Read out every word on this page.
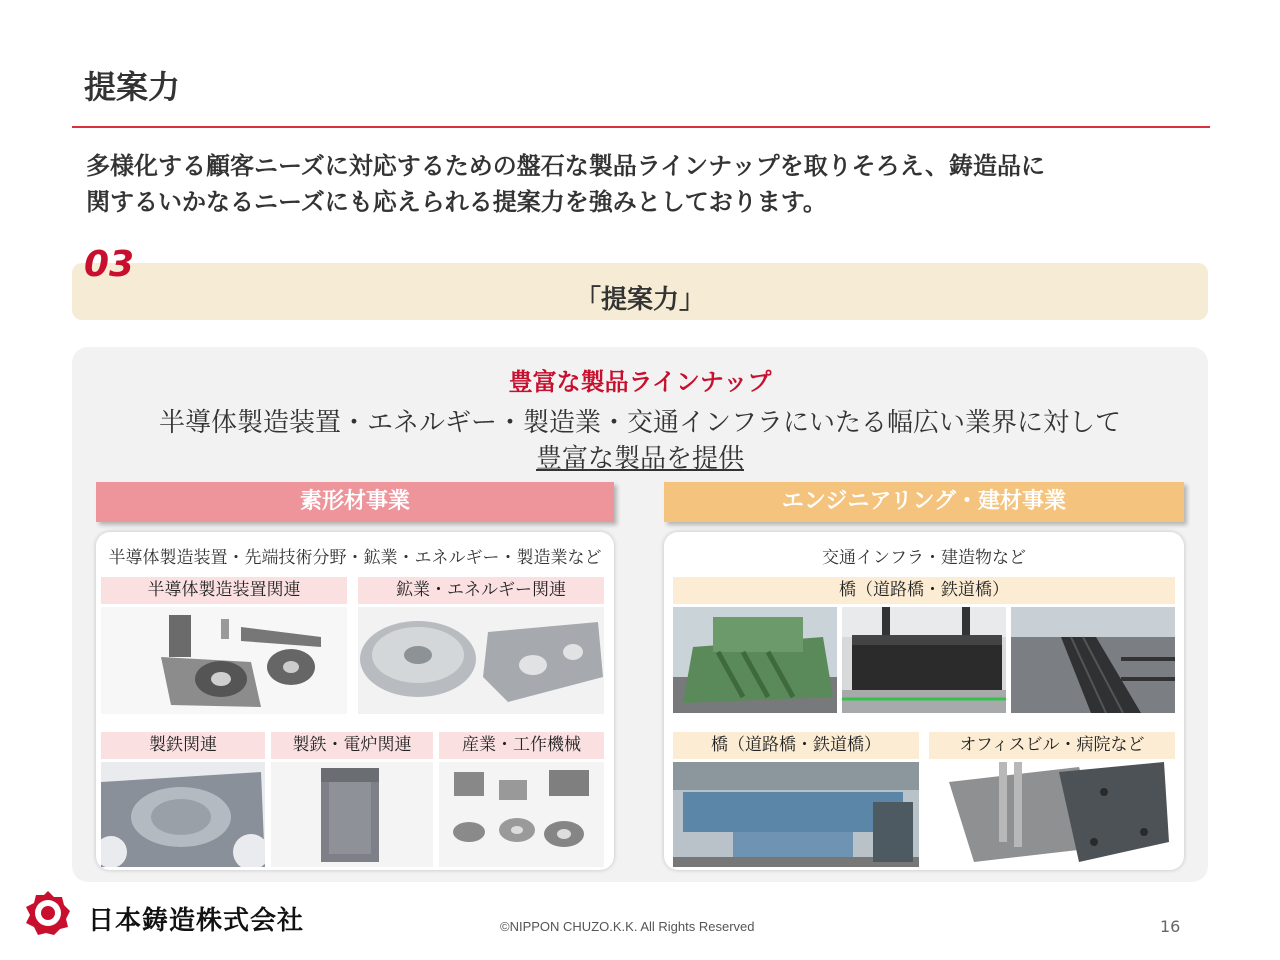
提案力
多様化する顧客ニーズに対応するための盤石な製品ラインナップを取りそろえ、鋳造品に
関するいかなるニーズにも応えられる提案力を強みとしております。
03
「提案力」
豊富な製品ラインナップ
半導体製造装置・エネルギー・製造業・交通インフラにいたる幅広い業界に対して
豊富な製品を提供
素形材事業	エンジニアリング・建材事業
半導体製造装置・先端技術分野・鉱業・エネルギー・製造業など
半導体製造装置関連	鉱業・エネルギー関連
製鉄関連	製鉄・電炉関連	産業・工作機械
交通インフラ・建造物など
橋（道路橋・鉄道橋）
橋（道路橋・鉄道橋）	オフィスビル・病院など
日本鋳造株式会社	©NIPPON CHUZO.K.K. All Rights Reserved	16
